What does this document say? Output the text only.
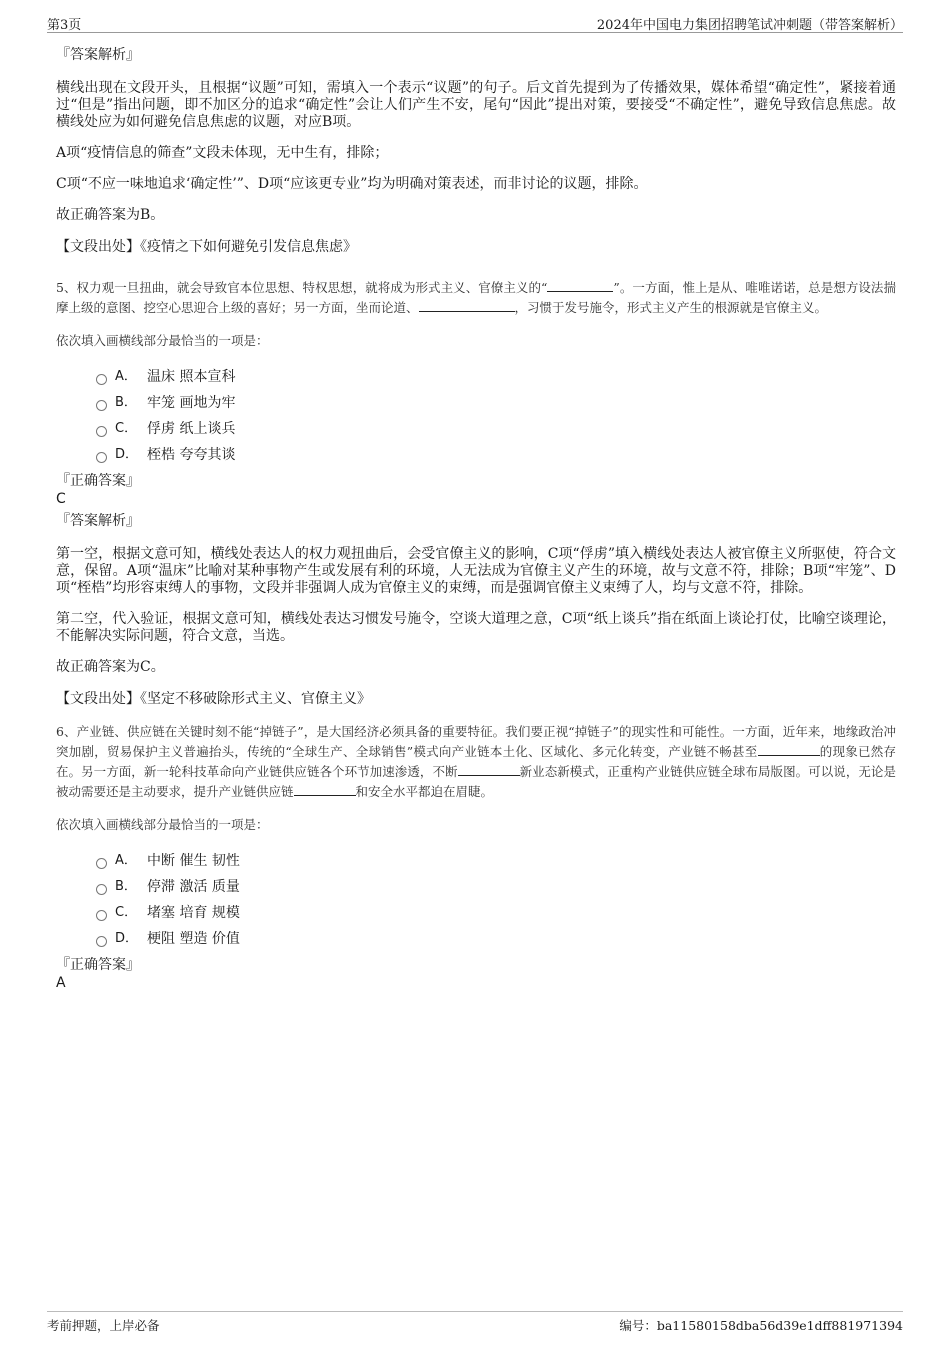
第3页	2024年中国电力集团招聘笔试冲刺题（带答案解析）

『答案解析』

横线出现在文段开头，且根据“议题”可知，需填入一个表示“议题”的句子。后文首先提到为了传播效果，媒体希望“确定性”，紧接着通过“但是”指出问题，即不加区分的追求“确定性”会让人们产生不安，尾句“因此”提出对策，要接受“不确定性”，避免导致信息焦虑。故横线处应为如何避免信息焦虑的议题，对应B项。

A项“疫情信息的筛查”文段未体现，无中生有，排除；

C项“不应一味地追求‘确定性’”、D项“应该更专业”均为明确对策表述，而非讨论的议题，排除。

故正确答案为B。

【文段出处】《疫情之下如何避免引发信息焦虑》

5、权力观一旦扭曲，就会导致官本位思想、特权思想，就将成为形式主义、官僚主义的“	”。一方面，惟上是从、唯唯诺诺，总是想方设法揣摩上级的意图、挖空心思迎合上级的喜好；另一方面，坐而论道、	，习惯于发号施令，形式主义产生的根源就是官僚主义。

依次填入画横线部分最恰当的一项是：

A． 温床 照本宣科
B． 牢笼 画地为牢
C． 俘虏 纸上谈兵
D． 桎梏 夸夸其谈

『正确答案』

C

『答案解析』

第一空，根据文意可知，横线处表达人的权力观扭曲后，会受官僚主义的影响，C项“俘虏”填入横线处表达人被官僚主义所驱使，符合文意，保留。A项“温床”比喻对某种事物产生或发展有利的环境，人无法成为官僚主义产生的环境，故与文意不符，排除；B项“牢笼”、D项“桎梏”均形容束缚人的事物，文段并非强调人成为官僚主义的束缚，而是强调官僚主义束缚了人，均与文意不符，排除。

第二空，代入验证，根据文意可知，横线处表达习惯发号施令，空谈大道理之意，C项“纸上谈兵”指在纸面上谈论打仗，比喻空谈理论，不能解决实际问题，符合文意，当选。

故正确答案为C。

【文段出处】《坚定不移破除形式主义、官僚主义》

6、产业链、供应链在关键时刻不能“掉链子”，是大国经济必须具备的重要特征。我们要正视“掉链子”的现实性和可能性。一方面，近年来，地缘政治冲突加剧，贸易保护主义普遍抬头，传统的“全球生产、全球销售”模式向产业链本土化、区域化、多元化转变，产业链不畅甚至	的现象已然存在。另一方面，新一轮科技革命向产业链供应链各个环节加速渗透，不断	新业态新模式，正重构产业链供应链全球布局版图。可以说，无论是被动需要还是主动要求，提升产业链供应链	和安全水平都迫在眉睫。

依次填入画横线部分最恰当的一项是：

A． 中断 催生 韧性
B． 停滞 激活 质量
C． 堵塞 培育 规模
D． 梗阻 塑造 价值

『正确答案』

A

考前押题，上岸必备	编号：ba11580158dba56d39e1dff881971394
